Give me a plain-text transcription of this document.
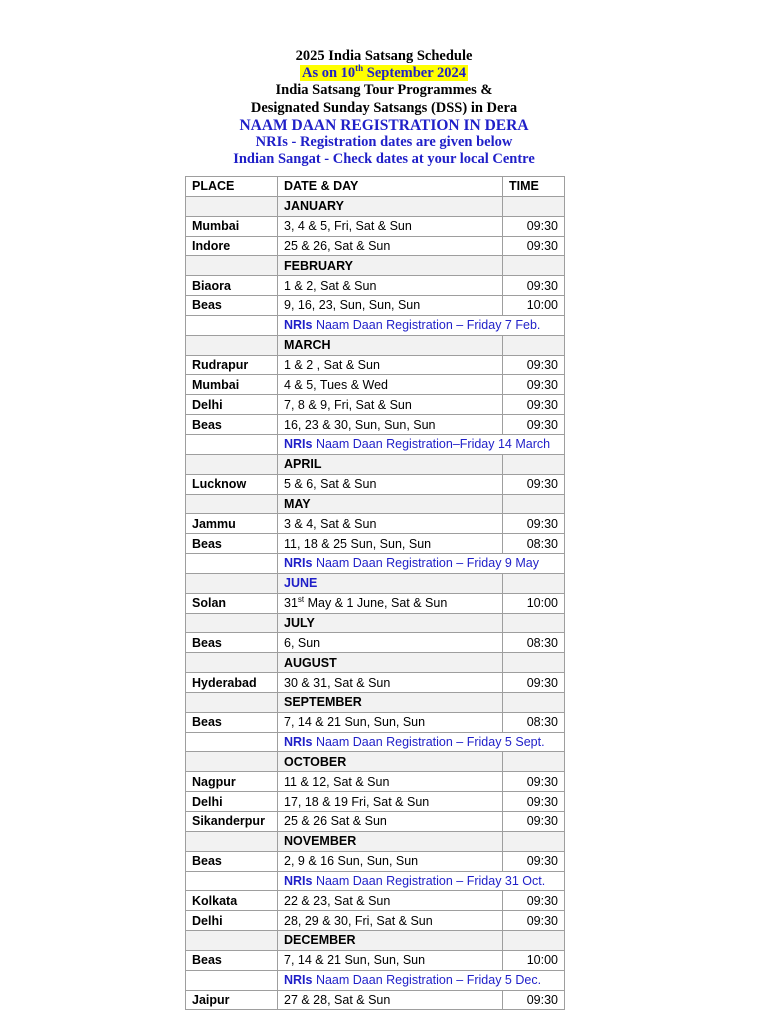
2025 India Satsang Schedule
As on 10th September 2024
India Satsang Tour Programmes &
Designated Sunday Satsangs (DSS) in Dera
NAAM DAAN REGISTRATION IN DERA
NRIs - Registration dates are given below
Indian Sangat - Check dates at your local Centre
PLACE	DATE & DAY	TIME
	JANUARY	
Mumbai	3, 4 & 5, Fri, Sat & Sun	09:30
Indore	25 & 26, Sat & Sun	09:30
	FEBRUARY	
Biaora	1 & 2, Sat & Sun	09:30
Beas	9, 16, 23, Sun, Sun, Sun	10:00
	NRIs Naam Daan Registration – Friday 7 Feb.	
	MARCH	
Rudrapur	1 & 2 , Sat & Sun	09:30
Mumbai	4 & 5, Tues & Wed	09:30
Delhi	7, 8 & 9, Fri, Sat & Sun	09:30
Beas	16, 23 & 30, Sun, Sun, Sun	09:30
	NRIs Naam Daan Registration–Friday 14 March	
	APRIL	
Lucknow	5 & 6, Sat & Sun	09:30
	MAY	
Jammu	3 & 4, Sat & Sun	09:30
Beas	11, 18 & 25 Sun, Sun, Sun	08:30
	NRIs Naam Daan Registration – Friday 9 May	
	JUNE	
Solan	31st May & 1 June, Sat & Sun	10:00
	JULY	
Beas	6, Sun	08:30
	AUGUST	
Hyderabad	30 & 31, Sat & Sun	09:30
	SEPTEMBER	
Beas	7, 14 & 21 Sun, Sun, Sun	08:30
	NRIs Naam Daan Registration – Friday 5 Sept.	
	OCTOBER	
Nagpur	11 & 12, Sat & Sun	09:30
Delhi	17, 18 & 19 Fri, Sat & Sun	09:30
Sikanderpur	25 & 26 Sat & Sun	09:30
	NOVEMBER	
Beas	2, 9 & 16 Sun, Sun, Sun	09:30
	NRIs Naam Daan Registration – Friday 31 Oct.	
Kolkata	22 & 23, Sat & Sun	09:30
Delhi	28, 29 & 30, Fri, Sat & Sun	09:30
	DECEMBER	
Beas	7, 14 & 21 Sun, Sun, Sun	10:00
	NRIs Naam Daan Registration – Friday 5 Dec.	
Jaipur	27 & 28, Sat & Sun	09:30
